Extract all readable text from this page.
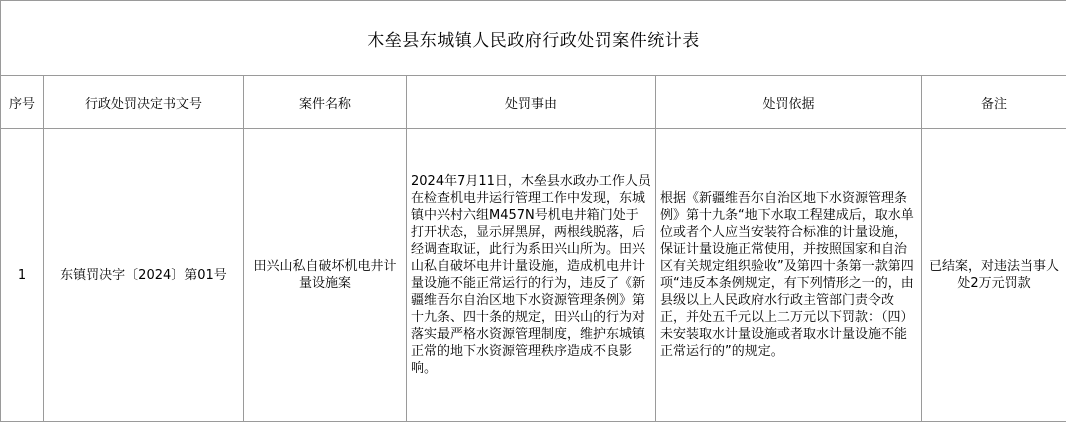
木垒县东城镇人民政府行政处罚案件统计表					
序号	行政处罚决定书文号	案件名称	处罚事由	处罚依据	备注
1	东镇罚决字〔2024〕第01号	田兴山私自破坏机电井计量设施案	2024年7月11日，木垒县水政办工作人员在检查机电井运行管理工作中发现，东城镇中兴村六组M457N号机电井箱门处于打开状态，显示屏黑屏，两根线脱落，后经调查取证，此行为系田兴山所为。田兴山私自破坏电井计量设施，造成机电井计量设施不能正常运行的行为，违反了《新疆维吾尔自治区地下水资源管理条例》第十九条、四十条的规定，田兴山的行为对落实最严格水资源管理制度，维护东城镇正常的地下水资源管理秩序造成不良影响。	根据《新疆维吾尔自治区地下水资源管理条例》第十九条“地下水取工程建成后，取水单位或者个人应当安装符合标准的计量设施，保证计量设施正常使用，并按照国家和自治区有关规定组织验收”及第四十条第一款第四项“违反本条例规定，有下列情形之一的，由县级以上人民政府水行政主管部门责令改正，并处五千元以上二万元以下罚款：（四）未安装取水计量设施或者取水计量设施不能正常运行的”的规定。	已结案，对违法当事人处2万元罚款
